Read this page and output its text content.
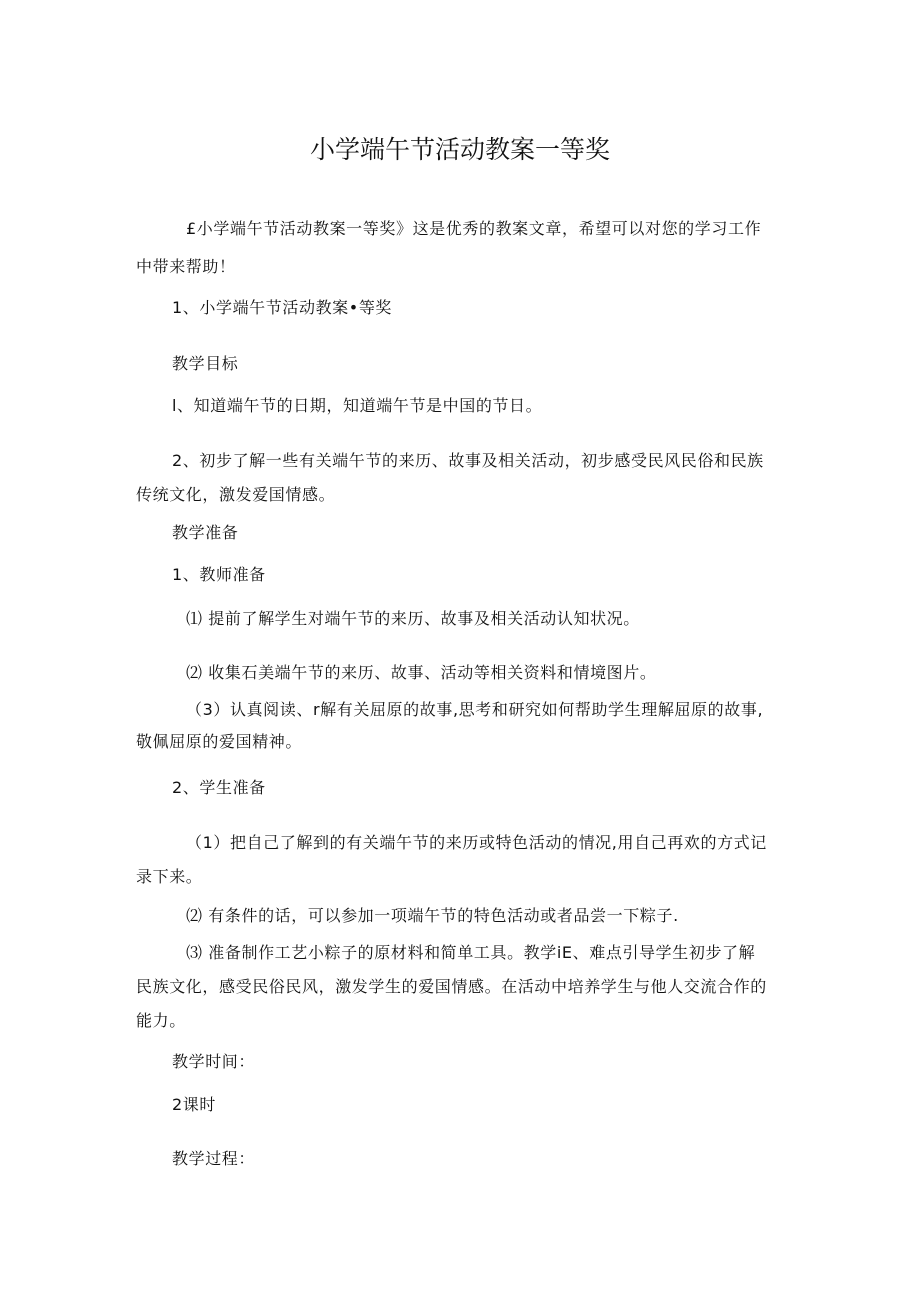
小学端午节活动教案一等奖
£小学端午节活动教案一等奖》这是优秀的教案文章，希望可以对您的学习工作
中带来帮助！
1、小学端午节活动教案•等奖
教学目标
l、知道端午节的日期，知道端午节是中国的节日。
2、初步了解一些有关端午节的来历、故事及相关活动，初步感受民风民俗和民族
传统文化，激发爱国情感。
教学准备
1、教师准备
⑴ 提前了解学生对端午节的来历、故事及相关活动认知状况。
⑵ 收集石美端午节的来历、故事、活动等相关资料和情境图片。
（3）认真阅读、r解有关屈原的故事,思考和研究如何帮助学生理解屈原的故事,
敬佩屈原的爱国精神。
2、学生准备
（1）把自己了解到的有关端午节的来历或特色活动的情况,用自己再欢的方式记
录下来。
⑵ 有条件的话，可以参加一项端午节的特色活动或者品尝一下粽子.
⑶ 准备制作工艺小粽子的原材料和简单工具。教学iE、难点引导学生初步了解
民族文化，感受民俗民风，激发学生的爱国情感。在活动中培养学生与他人交流合作的
能力。
教学时间：
2课时
教学过程：
